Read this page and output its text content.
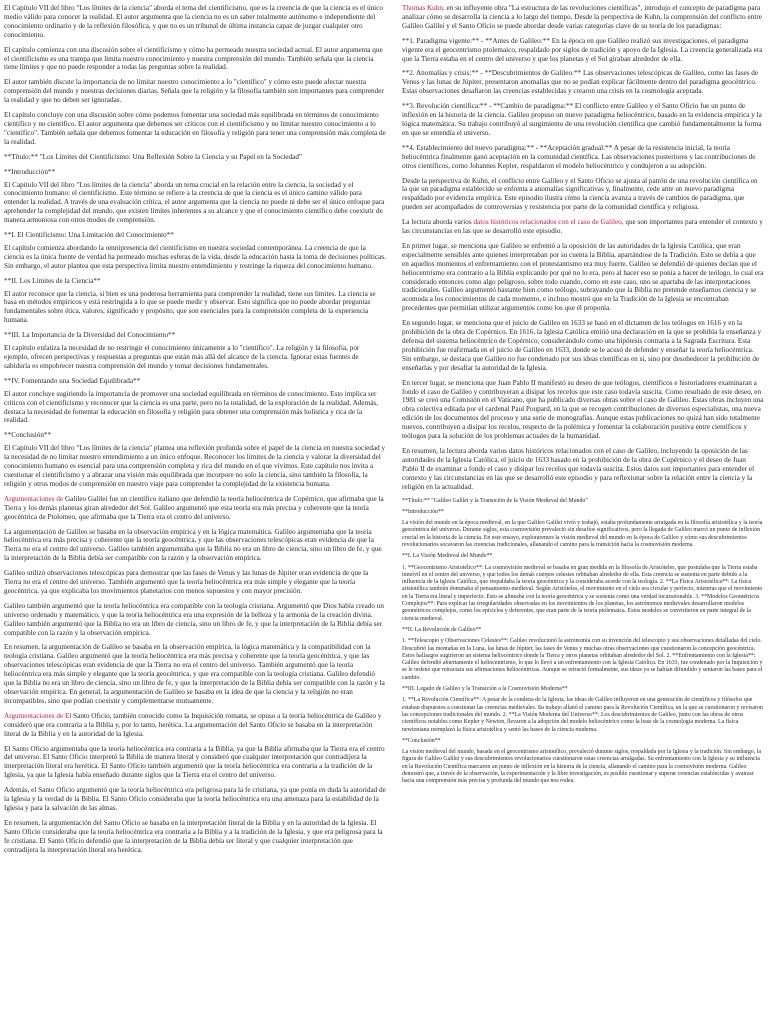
El Capítulo VII del libro "Los límites de la ciencia" aborda el tema del cientificismo, que es la creencia de que la ciencia es el único medio válido para conocer la realidad. El autor argumenta que la ciencia no es un saber totalmente autónomo e independiente del conocimiento ordinario y de la reflexión filosófica, y que no es un tribunal de última instancia capaz de juzgar cualquier otro conocimiento.

El capítulo comienza con una discusión sobre el cientificismo y cómo ha permeado nuestra sociedad actual. El autor argumenta que el cientificismo es una trampa que limita nuestro conocimiento y nuestra comprensión del mundo. También señala que la ciencia tiene límites y que no puede responder a todas las preguntas sobre la realidad.

El autor también discute la importancia de no limitar nuestro conocimiento a lo "científico" y cómo esto puede afectar nuestra comprensión del mundo y nuestras decisiones diarias. Señala que la religión y la filosofía también son importantes para comprender la realidad y que no deben ser ignoradas.

El capítulo concluye con una discusión sobre cómo podemos fomentar una sociedad más equilibrada en términos de conocimiento científico y no científico. El autor argumenta que debemos ser críticos con el cientificismo y no limitar nuestro conocimiento a lo "científico". También señala que debemos fomentar la educación en filosofía y religión para tener una comprensión más completa de la realidad.

**Título:** "Los Límites del Cientificismo: Una Reflexión Sobre la Ciencia y su Papel en la Sociedad"

**Introducción**

El Capítulo VII del libro "Los límites de la ciencia" aborda un tema crucial en la relación entre la ciencia, la sociedad y el conocimiento humano: el cientificismo. Este término se refiere a la creencia de que la ciencia es el único camino válido para entender la realidad. A través de una evaluación crítica, el autor argumenta que la ciencia no puede ni debe ser el único enfoque para aprehender la complejidad del mundo, que existen límites inherentes a su alcance y que el conocimiento científico debe coexistir de manera armoniosa con otros modos de comprensión.

**I. El Cientificismo: Una Limitación del Conocimiento**

El capítulo comienza abordando la omnipresencia del cientificismo en nuestra sociedad contemporánea. La creencia de que la ciencia es la única fuente de verdad ha permeado muchas esferas de la vida, desde la educación hasta la toma de decisiones políticas. Sin embargo, el autor plantea que esta perspectiva limita nuestro entendimiento y restringe la riqueza del conocimiento humano.

**II. Los Límites de la Ciencia**

El autor reconoce que la ciencia, si bien es una poderosa herramienta para comprender la realidad, tiene sus límites. La ciencia se basa en métodos empíricos y está restringida a lo que se puede medir y observar. Esto significa que no puede abordar preguntas fundamentales sobre ética, valores, significado y propósito, que son esenciales para la comprensión completa de la experiencia humana.

**III. La Importancia de la Diversidad del Conocimiento**

El capítulo enfatiza la necesidad de no restringir el conocimiento únicamente a lo "científico". La religión y la filosofía, por ejemplo, ofrecen perspectivas y respuestas a preguntas que están más allá del alcance de la ciencia. Ignorar estas fuentes de sabiduría es empobrecer nuestra comprensión del mundo y tomar decisiones fundamentales.

**IV. Fomentando una Sociedad Equilibrada**

El autor concluye sugiriendo la importancia de promover una sociedad equilibrada en términos de conocimiento. Esto implica ser críticos con el cientificismo y reconocer que la ciencia es una parte, pero no la totalidad, de la exploración de la realidad. Además, destaca la necesidad de fomentar la educación en filosofía y religión para obtener una comprensión más holística y rica de la realidad.

**Conclusión**

El Capítulo VII del libro "Los límites de la ciencia" plantea una reflexión profunda sobre el papel de la ciencia en nuestra sociedad y la necesidad de no limitar nuestro entendimiento a un único enfoque. Reconocer los límites de la ciencia y valorar la diversidad del conocimiento humano es esencial para una comprensión completa y rica del mundo en el que vivimos. Este capítulo nos invita a cuestionar el cientificismo y a abrazar una visión más equilibrada que incorpore no solo la ciencia, sino también la filosofía, la religión y otros modos de comprensión en nuestro viaje para comprender la complejidad de la existencia humana.

Argumentaciones de Galileo Galilei fue un científico italiano que defendió la teoría heliocéntrica de Copérnico, que afirmaba que la Tierra y los demás planetas giran alrededor del Sol. Galileo argumentó que esta teoría era más precisa y coherente que la teoría geocéntrica de Ptolomeo, que afirmaba que la Tierra era el centro del universo.

La argumentación de Galileo se basaba en la observación empírica y en la lógica matemática. Galileo argumentaba que la teoría heliocéntrica era más precisa y coherente que la teoría geocéntrica, y que las observaciones telescópicas eran evidencia de que la Tierra no era el centro del universo. Galileo también argumentaba que la Biblia no era un libro de ciencia, sino un libro de fe, y que la interpretación de la Biblia debía ser compatible con la razón y la observación empírica.

Galileo utilizó observaciones telescópicas para demostrar que las fases de Venus y las lunas de Júpiter eran evidencia de que la Tierra no era el centro del universo. También argumentó que la teoría heliocéntrica era más simple y elegante que la teoría geocéntrica, ya que explicaba los movimientos planetarios con menos supuestos y con mayor precisión.

Galileo también argumentó que la teoría heliocéntrica era compatible con la teología cristiana. Argumentó que Dios había creado un universo ordenado y matemático, y que la teoría heliocéntrica era una expresión de la belleza y la armonía de la creación divina. Galileo también argumentó que la Biblia no era un libro de ciencia, sino un libro de fe, y que la interpretación de la Biblia debía ser compatible con la razón y la observación empírica.

En resumen, la argumentación de Galileo se basaba en la observación empírica, la lógica matemática y la compatibilidad con la teología cristiana. Galileo argumentó que la teoría heliocéntrica era más precisa y coherente que la teoría geocéntrica, y que las observaciones telescópicas eran evidencia de que la Tierra no era el centro del universo. También argumentó que la teoría heliocéntrica era más simple y elegante que la teoría geocéntrica, y que era compatible con la teología cristiana. Galileo defendió que la Biblia no era un libro de ciencia, sino un libro de fe, y que la interpretación de la Biblia debía ser compatible con la razón y la observación empírica. En general, la argumentación de Galileo se basaba en la idea de que la ciencia y la religión no eran incompatibles, sino que podían coexistir y complementarse mutuamente.

Argumentaciones de El Santo Oficio, también conocido como la Inquisición romana, se opuso a la teoría heliocéntrica de Galileo y consideró que era contraria a la Biblia y, por lo tanto, herética. La argumentación del Santo Oficio se basaba en la interpretación literal de la Biblia y en la autoridad de la Iglesia.

El Santo Oficio argumentaba que la teoría heliocéntrica era contraria a la Biblia, ya que la Biblia afirmaba que la Tierra era el centro del universo. El Santo Oficio interpretó la Biblia de manera literal y consideró que cualquier interpretación que contradijera la interpretación literal era herética. El Santo Oficio también argumentó que la teoría heliocéntrica era contraria a la tradición de la Iglesia, ya que la Iglesia había enseñado durante siglos que la Tierra era el centro del universo.

Además, el Santo Oficio argumentó que la teoría heliocéntrica era peligrosa para la fe cristiana, ya que ponía en duda la autoridad de la Iglesia y la verdad de la Biblia. El Santo Oficio consideraba que la teoría heliocéntrica era una amenaza para la estabilidad de la Iglesia y para la salvación de las almas.

En resumen, la argumentación del Santo Oficio se basaba en la interpretación literal de la Biblia y en la autoridad de la Iglesia. El Santo Oficio consideraba que la teoría heliocéntrica era contraria a la Biblia y a la tradición de la Iglesia, y que era peligrosa para la fe cristiana. El Santo Oficio defendió que la interpretación de la Biblia debía ser literal y que cualquier interpretación que contradijera la interpretación literal era herética.

Thomas Kuhn, en su influyente obra "La estructura de las revoluciones científicas", introdujo el concepto de paradigma para analizar cómo se desarrolla la ciencia a lo largo del tiempo. Desde la perspectiva de Kuhn, la comprensión del conflicto entre Galileo Galilei y el Santo Oficio se puede abordar desde varias categorías clave de su teoría de los paradigmas:

**1. Paradigma vigente:** - **Antes de Galileo:** En la época en que Galileo realizó sus investigaciones, el paradigma vigente era el geocentrismo ptolemaico, respaldado por siglos de tradición y apoyo de la Iglesia. La creencia generalizada era que la Tierra estaba en el centro del universo y que los planetas y el Sol giraban alrededor de ella.

**2. Anomalías y crisis:** - **Descubrimientos de Galileo:** Las observaciones telescópicas de Galileo, como las fases de Venus y las lunas de Júpiter, presentaron anomalías que no se podían explicar fácilmente dentro del paradigma geocéntrico. Estas observaciones desafiaron las creencias establecidas y crearon una crisis en la cosmología aceptada.

**3. Revolución científica:** - **Cambio de paradigma:** El conflicto entre Galileo y el Santo Oficio fue un punto de inflexión en la historia de la ciencia. Galileo propuso un nuevo paradigma heliocéntrico, basado en la evidencia empírica y la lógica matemática. Su trabajo contribuyó al surgimiento de una revolución científica que cambió fundamentalmente la forma en que se entendía el universo.

**4. Establecimiento del nuevo paradigma:** - **Aceptación gradual:** A pesar de la resistencia inicial, la teoría heliocéntrica finalmente ganó aceptación en la comunidad científica. Las observaciones posteriores y las contribuciones de otros científicos, como Johannes Kepler, respaldaron el modelo heliocéntrico y condujeron a su adopción.

Desde la perspectiva de Kuhn, el conflicto entre Galileo y el Santo Oficio se ajusta al patrón de una revolución científica en la que un paradigma establecido se enfrenta a anomalías significativas y, finalmente, cede ante un nuevo paradigma respaldado por evidencia empírica. Este episodio ilustra cómo la ciencia avanza a través de cambios de paradigma, que pueden ser acompañados de controversias y resistencia por parte de la comunidad científica y religiosa.

La lectura aborda varios datos históricos relacionados con el caso de Galileo, que son importantes para entender el contexto y las circunstancias en las que se desarrolló este episodio.

En primer lugar, se menciona que Galileo se enfrentó a la oposición de las autoridades de la Iglesia Católica, que eran especialmente sensibles ante quienes interpretaban por su cuenta la Biblia, apartándose de la Tradición. Esto se debía a que en aquellos momentos el enfrentamiento con el protestantismo era muy fuerte. Galileo se defendió de quienes decían que el heliocentrismo era contrario a la Biblia explicando por qué no lo era, pero al hacer eso se ponía a hacer de teólogo, lo cual era considerado entonces como algo peligroso, sobre todo cuando, como en este caso, uno se apartaba de las interpretaciones tradicionales. Galileo argumentó bastante bien como teólogo, subrayando que la Biblia no pretende enseñarnos ciencia y se acomoda a los conocimientos de cada momento, e incluso mostró que en la Tradición de la Iglesia se encontraban precedentes que permitían utilizar argumentos como los que él proponía.

En segundo lugar, se menciona que el juicio de Galileo en 1633 se basó en el dictamen de los teólogos en 1616 y en la prohibición de la obra de Copérnico. En 1616, la Iglesia Católica emitió una declaración en la que se prohibía la enseñanza y defensa del sistema heliocéntrico de Copérnico, considerándolo como una hipótesis contraria a la Sagrada Escritura. Esta prohibición fue reafirmada en el juicio de Galileo en 1633, donde se le acusó de defender y enseñar la teoría heliocéntrica. Sin embargo, se destaca que Galileo no fue condenado por sus ideas científicas en sí, sino por desobedecer la prohibición de enseñarlas y por desafiar la autoridad de la Iglesia.

En tercer lugar, se menciona que Juan Pablo II manifestó su deseo de que teólogos, científicos e historiadores examinaran a fondo el caso de Galileo y contribuyeran a disipar los recelos que este caso todavía suscita. Como resultado de este deseo, en 1981 se creó una Comisión en el Vaticano, que ha publicado diversas obras sobre el caso de Galileo. Estas obras incluyen una obra colectiva editada por el cardenal Paul Poupard, en la que se recogen contribuciones de diversos especialistas, una nueva edición de los documentos del proceso y una serie de monografías. Aunque estas publicaciones no quizá han sido totalmente nuevos, contribuyen a disipar los recelos, respecto de la polémica y fomentar la colaboración positiva entre científicos y teólogos para la solución de los problemas actuales de la humanidad.

En resumen, la lectura aborda varios datos históricos relacionados con el caso de Galileo, incluyendo la oposición de las autoridades de la Iglesia Católica, el juicio de 1633 basado en la prohibición de la obra de Copérnico y el deseo de Juan Pablo II de examinar a fondo el caso y disipar los recelos que todavía suscita. Estos datos son importantes para entender el contexto y las circunstancias en las que se desarrolló este episodio y para reflexionar sobre la relación entre la ciencia y la religión en la actualidad.

**Título:** "Galileo Galilei y la Transición de la Visión Medieval del Mundo"

**Introducción**

La visión del mundo en la época medieval, en la que Galileo Galilei vivió y trabajó, estaba profundamente arraigada en la filosofía aristotélica y la teoría geocéntrica del universo. Durante siglos, esta cosmovisión prevaleció sin desafíos significativos, pero la llegada de Galileo marcó un punto de inflexión crucial en la historia de la ciencia. En este ensayo, exploraremos la visión medieval del mundo en la época de Galileo y cómo sus descubrimientos revolucionarios socavaron las creencias tradicionales, allanando el camino para la transición hacia la cosmovisión moderna.

**I. La Visión Medieval del Mundo**

1. **Geocentrismo Aristotélico**: La cosmovisión medieval se basaba en gran medida en la filosofía de Aristóteles, que postulaba que la Tierra estaba inmóvil en el centro del universo, y que todos los demás cuerpos celestes orbitaban alrededor de ella. Esta creencia se sustenta en parte debido a la influencia de la Iglesia Católica, que respaldaba la teoría geocéntrica y la consideraba acorde con la teología. 2. **La Física Aristotélica**: La física aristotélica también dominaba el pensamiento medieval. Según Aristóteles, el movimiento en el cielo era circular y perfecto, mientras que el movimiento en la Tierra era lineal y imperfecto. Esto se alineaba con la teoría geocéntrica y se sostenía como una verdad incuestionable. 3. **Modelos Geométricos Complejos**: Para explicar las irregularidades observadas en los movimientos de los planetas, los astrónomos medievales desarrollaron modelos geométricos complejos, como los epiciclos y deferentes, que eran parte de la teoría ptolemaica. Estos modelos se convirtieron en parte integral de la ciencia medieval.

**II. La Revolución de Galileo**

1. **Telescopio y Observaciones Celestes**: Galileo revolucionó la astronomía con su invención del telescopio y sus observaciones detalladas del cielo. Descubrió las montañas en la Luna, las lunas de Júpiter, las fases de Venus y muchas otras observaciones que cuestionaron la concepción geocéntrica. Estos hallazgos sugirieron un sistema heliocéntrico donde la Tierra y otros planetas orbitaban alrededor del Sol. 2. **Enfrentamiento con la Iglesia**: Galileo defendió abiertamente el heliocentrismo, lo que lo llevó a un enfrentamiento con la Iglesia Católica. En 1633, fue condenado por la Inquisición y se le ordenó que retractara sus afirmaciones heliocéntricas. Aunque se retractó formalmente, sus ideas ya se habían difundido y sentaron las bases para el cambio.

**III. Legado de Galileo y la Transición a la Cosmovisión Moderna**

1. **La Revolución Científica**: A pesar de la condena de la Iglesia, las ideas de Galileo influyeron en una generación de científicos y filósofos que estaban dispuestos a cuestionar las creencias medievales. Su trabajo allanó el camino para la Revolución Científica, en la que se cuestionaron y revisaron las concepciones tradicionales del mundo. 2. **La Visión Moderna del Universo**: Los descubrimientos de Galileo, junto con las obras de otros científicos notables como Kepler y Newton, llevaron a la adopción del modelo heliocéntrico como la base de la cosmología moderna. La física newtoniana reemplazó la física aristotélica y sentó las bases de la ciencia moderna.

**Conclusión**

La visión medieval del mundo, basada en el geocentrismo aristotélico, prevaleció durante siglos, respaldada por la Iglesia y la tradición. Sin embargo, la figura de Galileo Galilei y sus descubrimientos revolucionarios cuestionaron estas creencias arraigadas. Su enfrentamiento con la Iglesia y su influencia en la Revolución Científica marcaron un punto de inflexión en la historia de la ciencia, allanando el camino para la cosmovisión moderna. Galileo demostró que, a través de la observación, la experimentación y la libre investigación, es posible cuestionar y superar creencias establecidas y avanzar hacia una comprensión más precisa y profunda del mundo que nos rodea.
